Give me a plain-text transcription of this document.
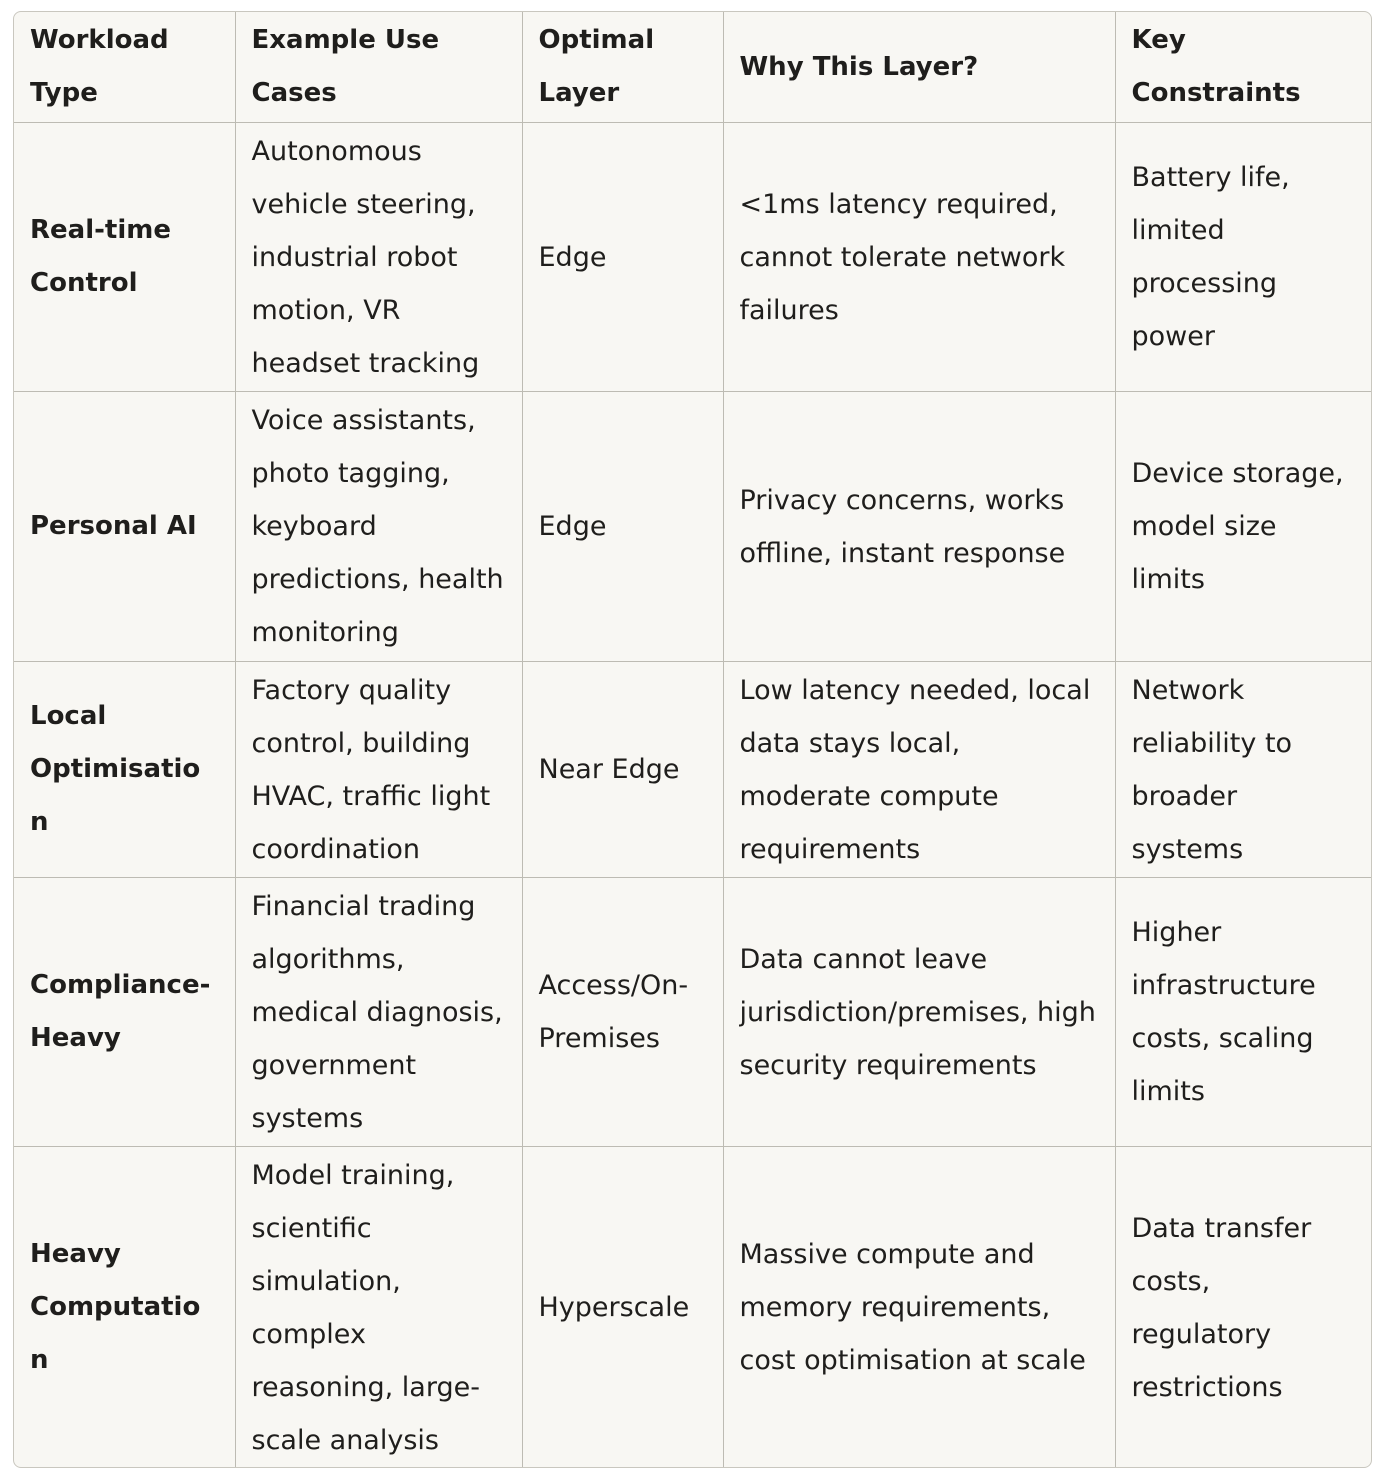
Workload Type	Example Use Cases	Optimal Layer	Why This Layer?	Key Constraints
Real-time Control	Autonomous vehicle steering, industrial robot motion, VR headset tracking	Edge	<1ms latency required, cannot tolerate network failures	Battery life, limited processing power
Personal AI	Voice assistants, photo tagging, keyboard predictions, health monitoring	Edge	Privacy concerns, works offline, instant response	Device storage, model size limits
Local Optimisation	Factory quality control, building HVAC, traffic light coordination	Near Edge	Low latency needed, local data stays local, moderate compute requirements	Network reliability to broader systems
Compliance-Heavy	Financial trading algorithms, medical diagnosis, government systems	Access/On-Premises	Data cannot leave jurisdiction/premises, high security requirements	Higher infrastructure costs, scaling limits
Heavy Computation	Model training, scientific simulation, complex reasoning, large-scale analysis	Hyperscale	Massive compute and memory requirements, cost optimisation at scale	Data transfer costs, regulatory restrictions
